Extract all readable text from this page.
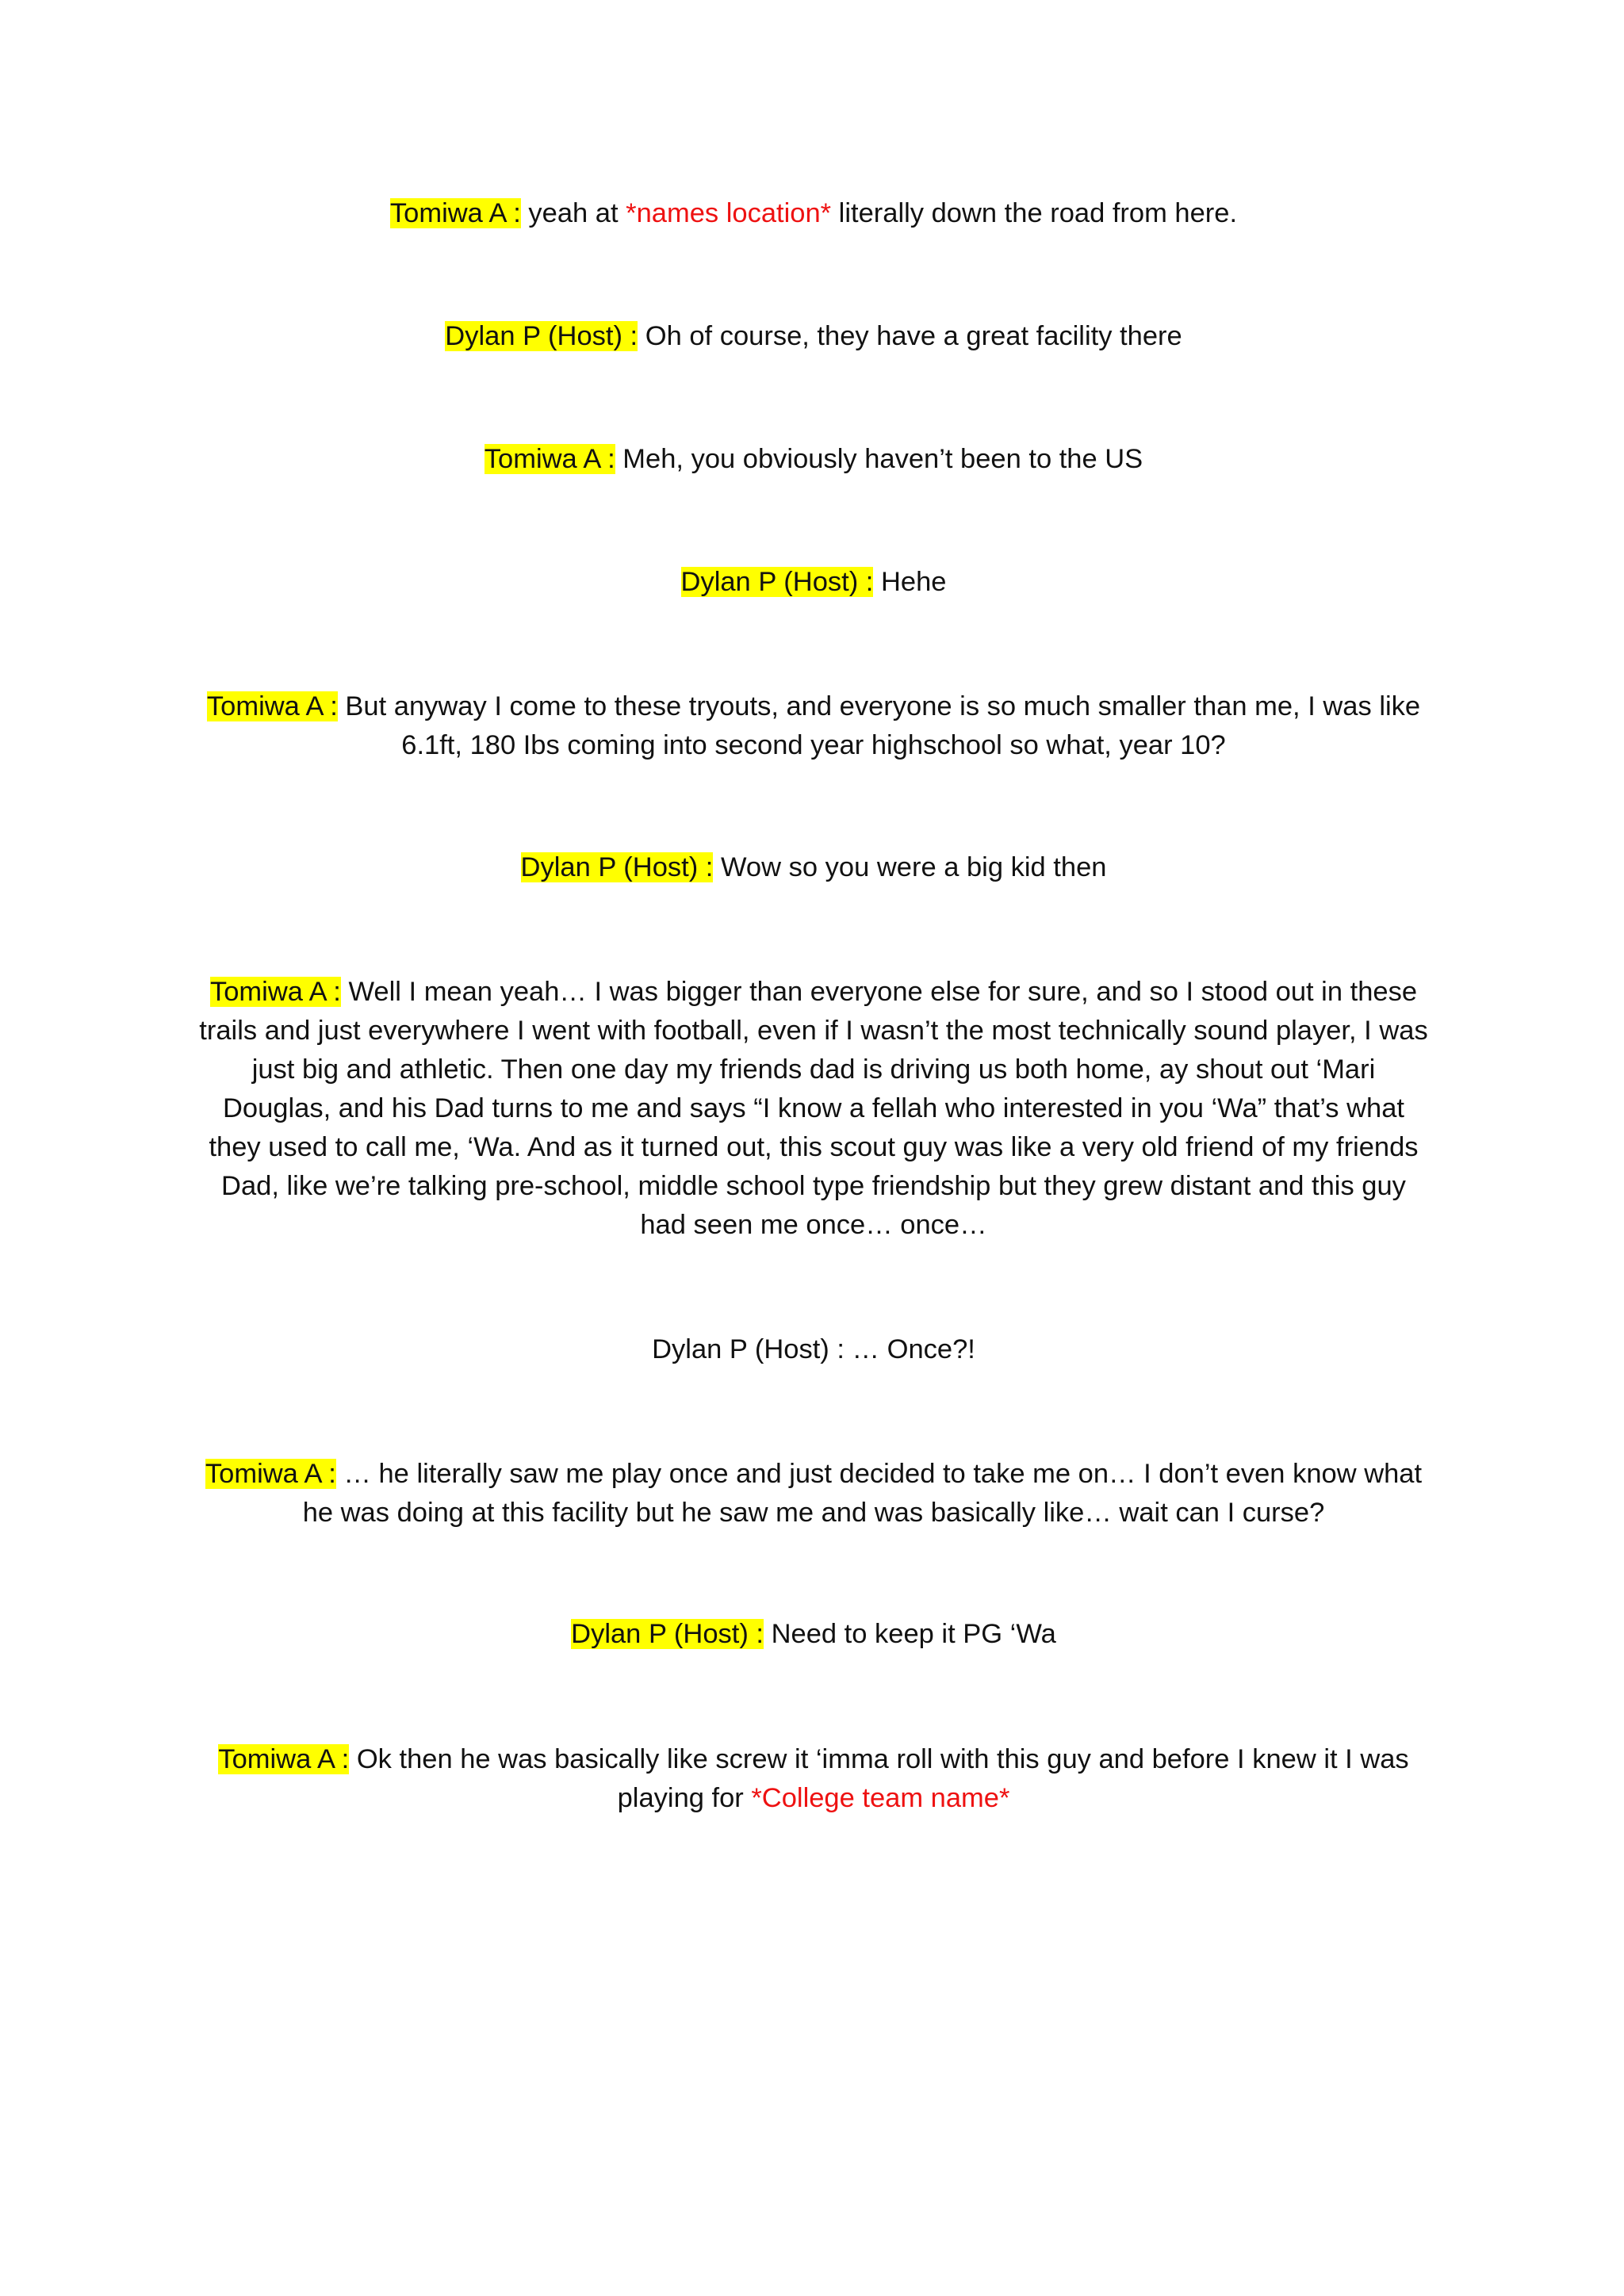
Tomiwa A : yeah at *names location* literally down the road from here.
Dylan P (Host) : Oh of course, they have a great facility there
Tomiwa A : Meh, you obviously haven’t been to the US
Dylan P (Host) : Hehe
Tomiwa A : But anyway I come to these tryouts, and everyone is so much smaller than me, I was like 6.1ft, 180 Ibs coming into second year highschool so what, year 10?
Dylan P (Host) : Wow so you were a big kid then
Tomiwa A : Well I mean yeah… I was bigger than everyone else for sure, and so I stood out in these trails and just everywhere I went with football, even if I wasn’t the most technically sound player, I was just big and athletic. Then one day my friends dad is driving us both home, ay shout out ‘Mari Douglas, and his Dad turns to me and says “I know a fellah who interested in you ‘Wa” that’s what they used to call me, ‘Wa. And as it turned out, this scout guy was like a very old friend of my friends Dad, like we’re talking pre-school, middle school type friendship but they grew distant and this guy had seen me once… once…
Dylan P (Host) : … Once?!
Tomiwa A : … he literally saw me play once and just decided to take me on… I don’t even know what he was doing at this facility but he saw me and was basically like… wait can I curse?
Dylan P (Host) : Need to keep it PG ‘Wa
Tomiwa A : Ok then he was basically like screw it ‘imma roll with this guy and before I knew it I was playing for *College team name*
